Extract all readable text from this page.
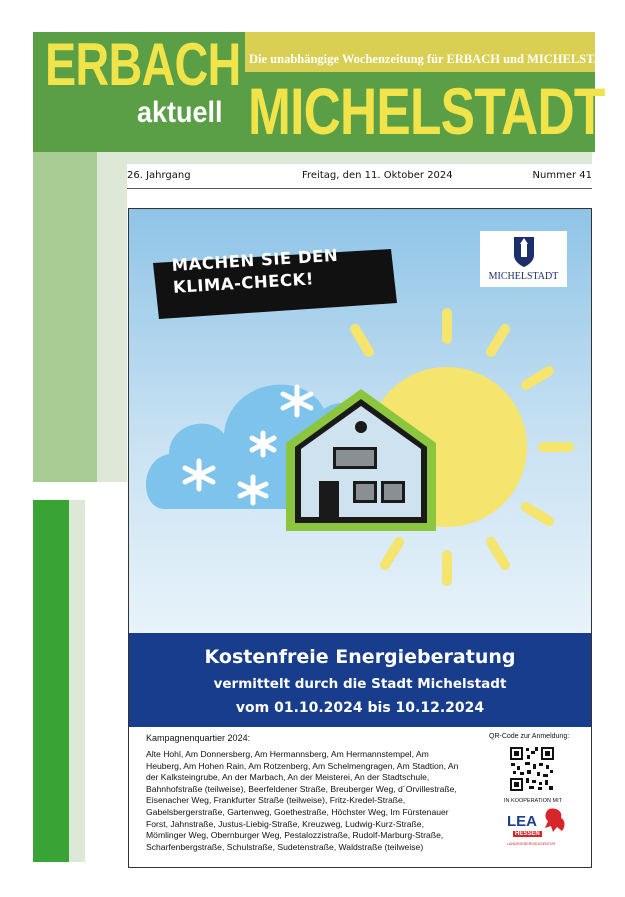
ERBACH Die unabhängige Wochenzeitung für ERBACH und MICHELSTADT
aktuell MICHELSTADT
26. Jahrgang	Freitag, den 11. Oktober 2024	Nummer 41
MACHEN SIE DEN
KLIMA-CHECK!	MICHELSTADT
Kostenfreie Energieberatung
vermittelt durch die Stadt Michelstadt
vom 01.10.2024 bis 10.12.2024
Kampagnenquartier 2024:
Alte Hohl, Am Donnersberg, Am Hermannsberg, Am Hermannstempel, Am Heuberg, Am Hohen Rain, Am Rotzenberg, Am Schelmengragen, Am Stadtion, An der Kalksteingrube, An der Marbach, An der Meisterei, An der Stadtschule, Bahnhofstraße (teilweise), Beerfeldener Straße, Breuberger Weg, d´Orvillestraße, Eisenacher Weg, Frankfurter Straße (teilweise), Fritz-Kredel-Straße, Gabelsbergerstraße, Gartenweg, Goethestraße, Höchster Weg, Im Fürstenauer Forst, Jahnstraße, Justus-Liebig-Straße, Kreuzweg, Ludwig-Kurz-Straße, Mömlinger Weg, Obernburger Weg, Pestalozzistraße, Rudolf-Marburg-Straße, Scharfenbergstraße, Schulstraße, Sudetenstraße, Waldstraße (teilweise)
QR-Code zur Anmeldung:
IN KOOPERATION MIT
LEA
HESSEN
LANDESENERGIEAGENTUR
